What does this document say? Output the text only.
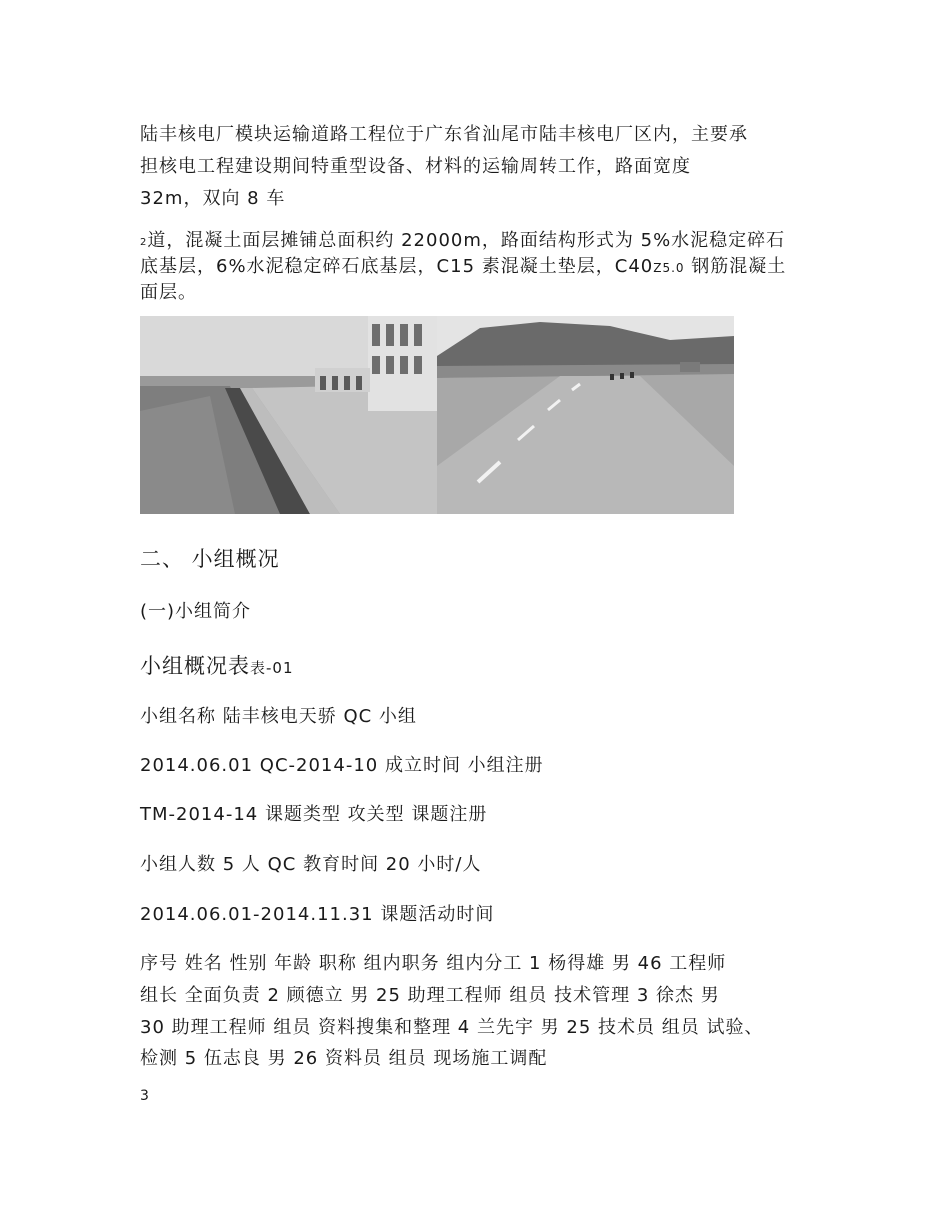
陆丰核电厂模块运输道路工程位于广东省汕尾市陆丰核电厂区内，主要承
担核电工程建设期间特重型设备、材料的运输周转工作，路面宽度
32m，双向 8 车
2道，混凝土面层摊铺总面积约 22000m，路面结构形式为 5%水泥稳定碎石
底基层，6%水泥稳定碎石底基层，C15 素混凝土垫层，C40Z5.0 钢筋混凝土
面层。
二、 小组概况
(一)小组简介
小组概况表表-01
小组名称 陆丰核电天骄 QC 小组
2014.06.01 QC-2014-10 成立时间 小组注册
TM-2014-14 课题类型 攻关型 课题注册
小组人数 5 人 QC 教育时间 20 小时/人
2014.06.01-2014.11.31 课题活动时间
序号 姓名 性别 年龄 职称 组内职务 组内分工 1 杨得雄 男 46 工程师
组长 全面负责 2 顾德立 男 25 助理工程师 组员 技术管理 3 徐杰 男
30 助理工程师 组员 资料搜集和整理 4 兰先宇 男 25 技术员 组员 试验、
检测 5 伍志良 男 26 资料员 组员 现场施工调配
3
